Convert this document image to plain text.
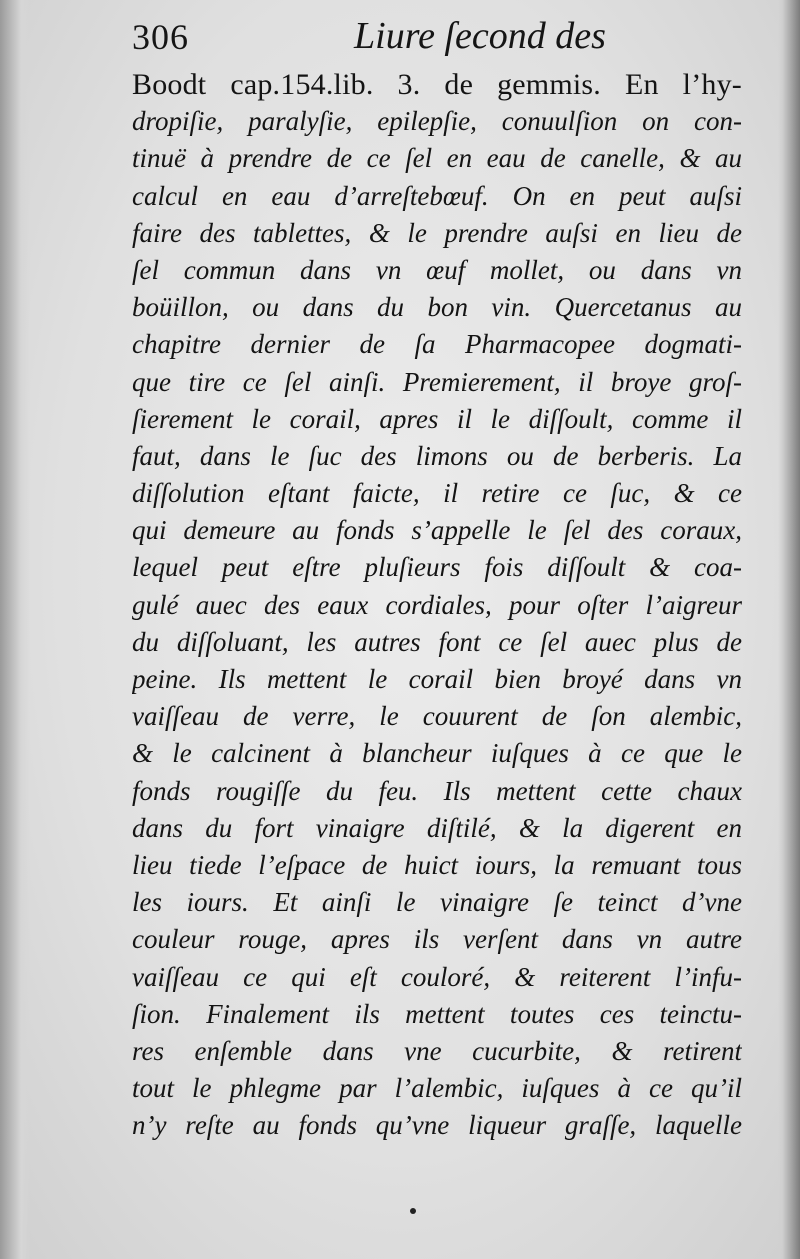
306	Liure ſecond des
Boodt cap.154.lib. 3. de gemmis. En l’hy-
dropiſie, paralyſie, epilepſie, conuulſion on con-
tinuë à prendre de ce ſel en eau de canelle, & au
calcul en eau d’arreſtebœuf. On en peut auſsi
faire des tablettes, & le prendre auſsi en lieu de
ſel commun dans vn œuf mollet, ou dans vn
boüillon, ou dans du bon vin. Quercetanus au
chapitre dernier de ſa Pharmacopee dogmati-
que tire ce ſel ainſi. Premierement, il broye groſ-
ſierement le corail, apres il le diſſoult, comme il
faut, dans le ſuc des limons ou de berberis. La
diſſolution eſtant faicte, il retire ce ſuc, & ce
qui demeure au fonds s’appelle le ſel des coraux,
lequel peut eſtre pluſieurs fois diſſoult & coa-
gulé auec des eaux cordiales, pour oſter l’aigreur
du diſſoluant, les autres font ce ſel auec plus de
peine. Ils mettent le corail bien broyé dans vn
vaiſſeau de verre, le couurent de ſon alembic,
& le calcinent à blancheur iuſques à ce que le
fonds rougiſſe du feu. Ils mettent cette chaux
dans du fort vinaigre diſtilé, & la digerent en
lieu tiede l’eſpace de huict iours, la remuant tous
les iours. Et ainſi le vinaigre ſe teinct d’vne
couleur rouge, apres ils verſent dans vn autre
vaiſſeau ce qui eſt couloré, & reiterent l’infu-
ſion. Finalement ils mettent toutes ces teinctu-
res enſemble dans vne cucurbite, & retirent
tout le phlegme par l’alembic, iuſques à ce qu’il
n’y reſte au fonds qu’vne liqueur graſſe, laquelle
